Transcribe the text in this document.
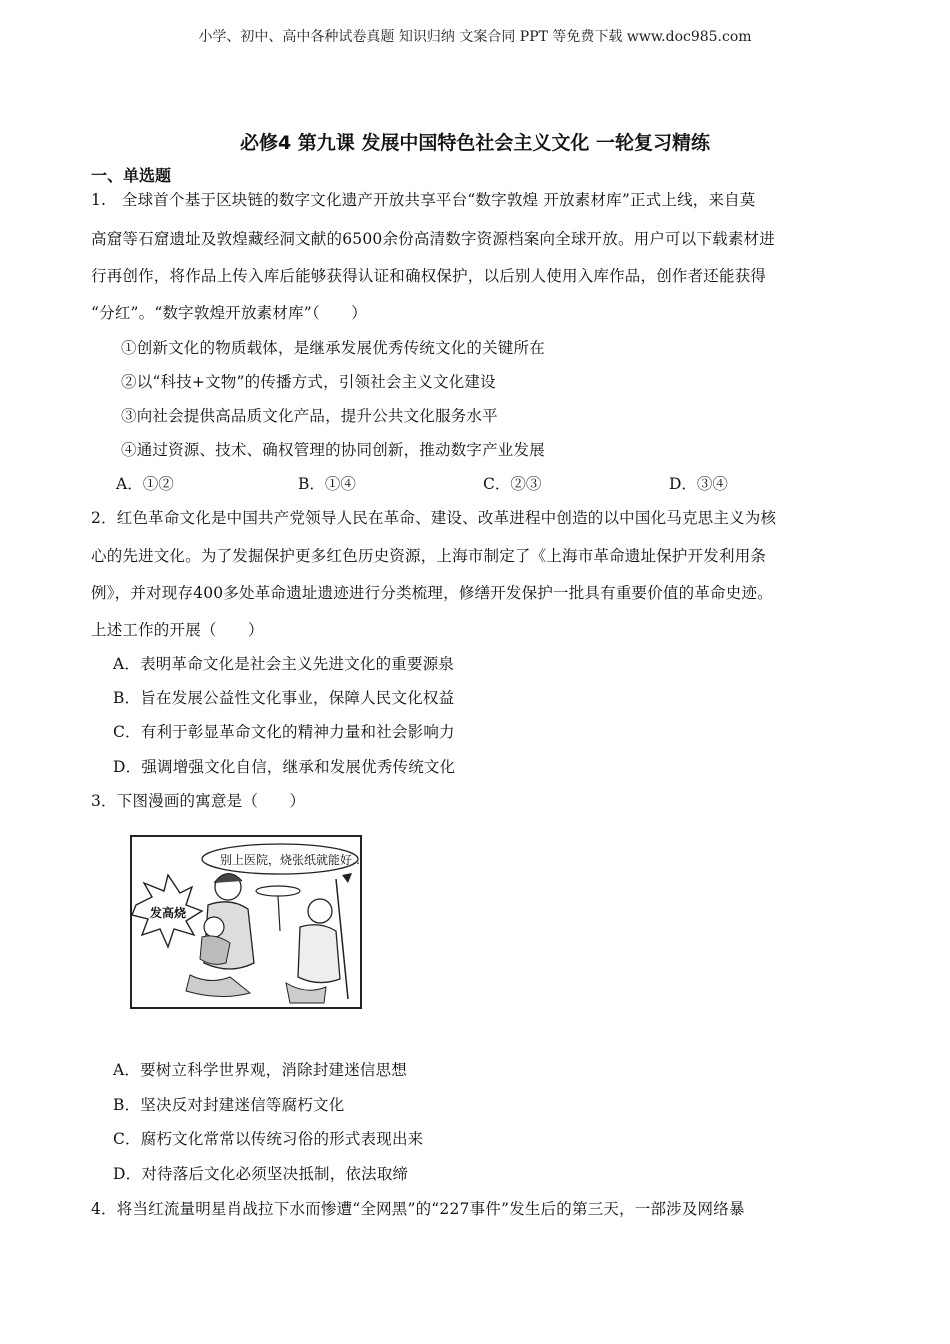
小学、初中、高中各种试卷真题 知识归纳 文案合同 PPT 等免费下载 www.doc985.com
必修4 第九课 发展中国特色社会主义文化 一轮复习精练
一、单选题
1.　全球首个基于区块链的数字文化遗产开放共享平台“数字敦煌 开放素材库”正式上线，来自莫
高窟等石窟遗址及敦煌藏经洞文献的6500余份高清数字资源档案向全球开放。用户可以下载素材进
行再创作，将作品上传入库后能够获得认证和确权保护，以后别人使用入库作品，创作者还能获得
“分红”。“数字敦煌开放素材库”（　　）
①创新文化的物质载体，是继承发展优秀传统文化的关键所在
②以“科技+文物”的传播方式，引领社会主义文化建设
③向社会提供高品质文化产品，提升公共文化服务水平
④通过资源、技术、确权管理的协同创新，推动数字产业发展
A．①②	B．①④	C．②③	D．③④
2．红色革命文化是中国共产党领导人民在革命、建设、改革进程中创造的以中国化马克思主义为核
心的先进文化。为了发掘保护更多红色历史资源，上海市制定了《上海市革命遗址保护开发利用条
例》，并对现存400多处革命遗址遗迹进行分类梳理，修缮开发保护一批具有重要价值的革命史迹。
上述工作的开展（　　）
A．表明革命文化是社会主义先进文化的重要源泉
B．旨在发展公益性文化事业，保障人民文化权益
C．有利于彰显革命文化的精神力量和社会影响力
D．强调增强文化自信，继承和发展优秀传统文化
3．下图漫画的寓意是（　　）
别上医院，烧张纸就能好……
发高烧
A．要树立科学世界观，消除封建迷信思想
B．坚决反对封建迷信等腐朽文化
C．腐朽文化常常以传统习俗的形式表现出来
D．对待落后文化必须坚决抵制，依法取缔
4．将当红流量明星肖战拉下水而惨遭“全网黑”的“227事件”发生后的第三天，一部涉及网络暴
